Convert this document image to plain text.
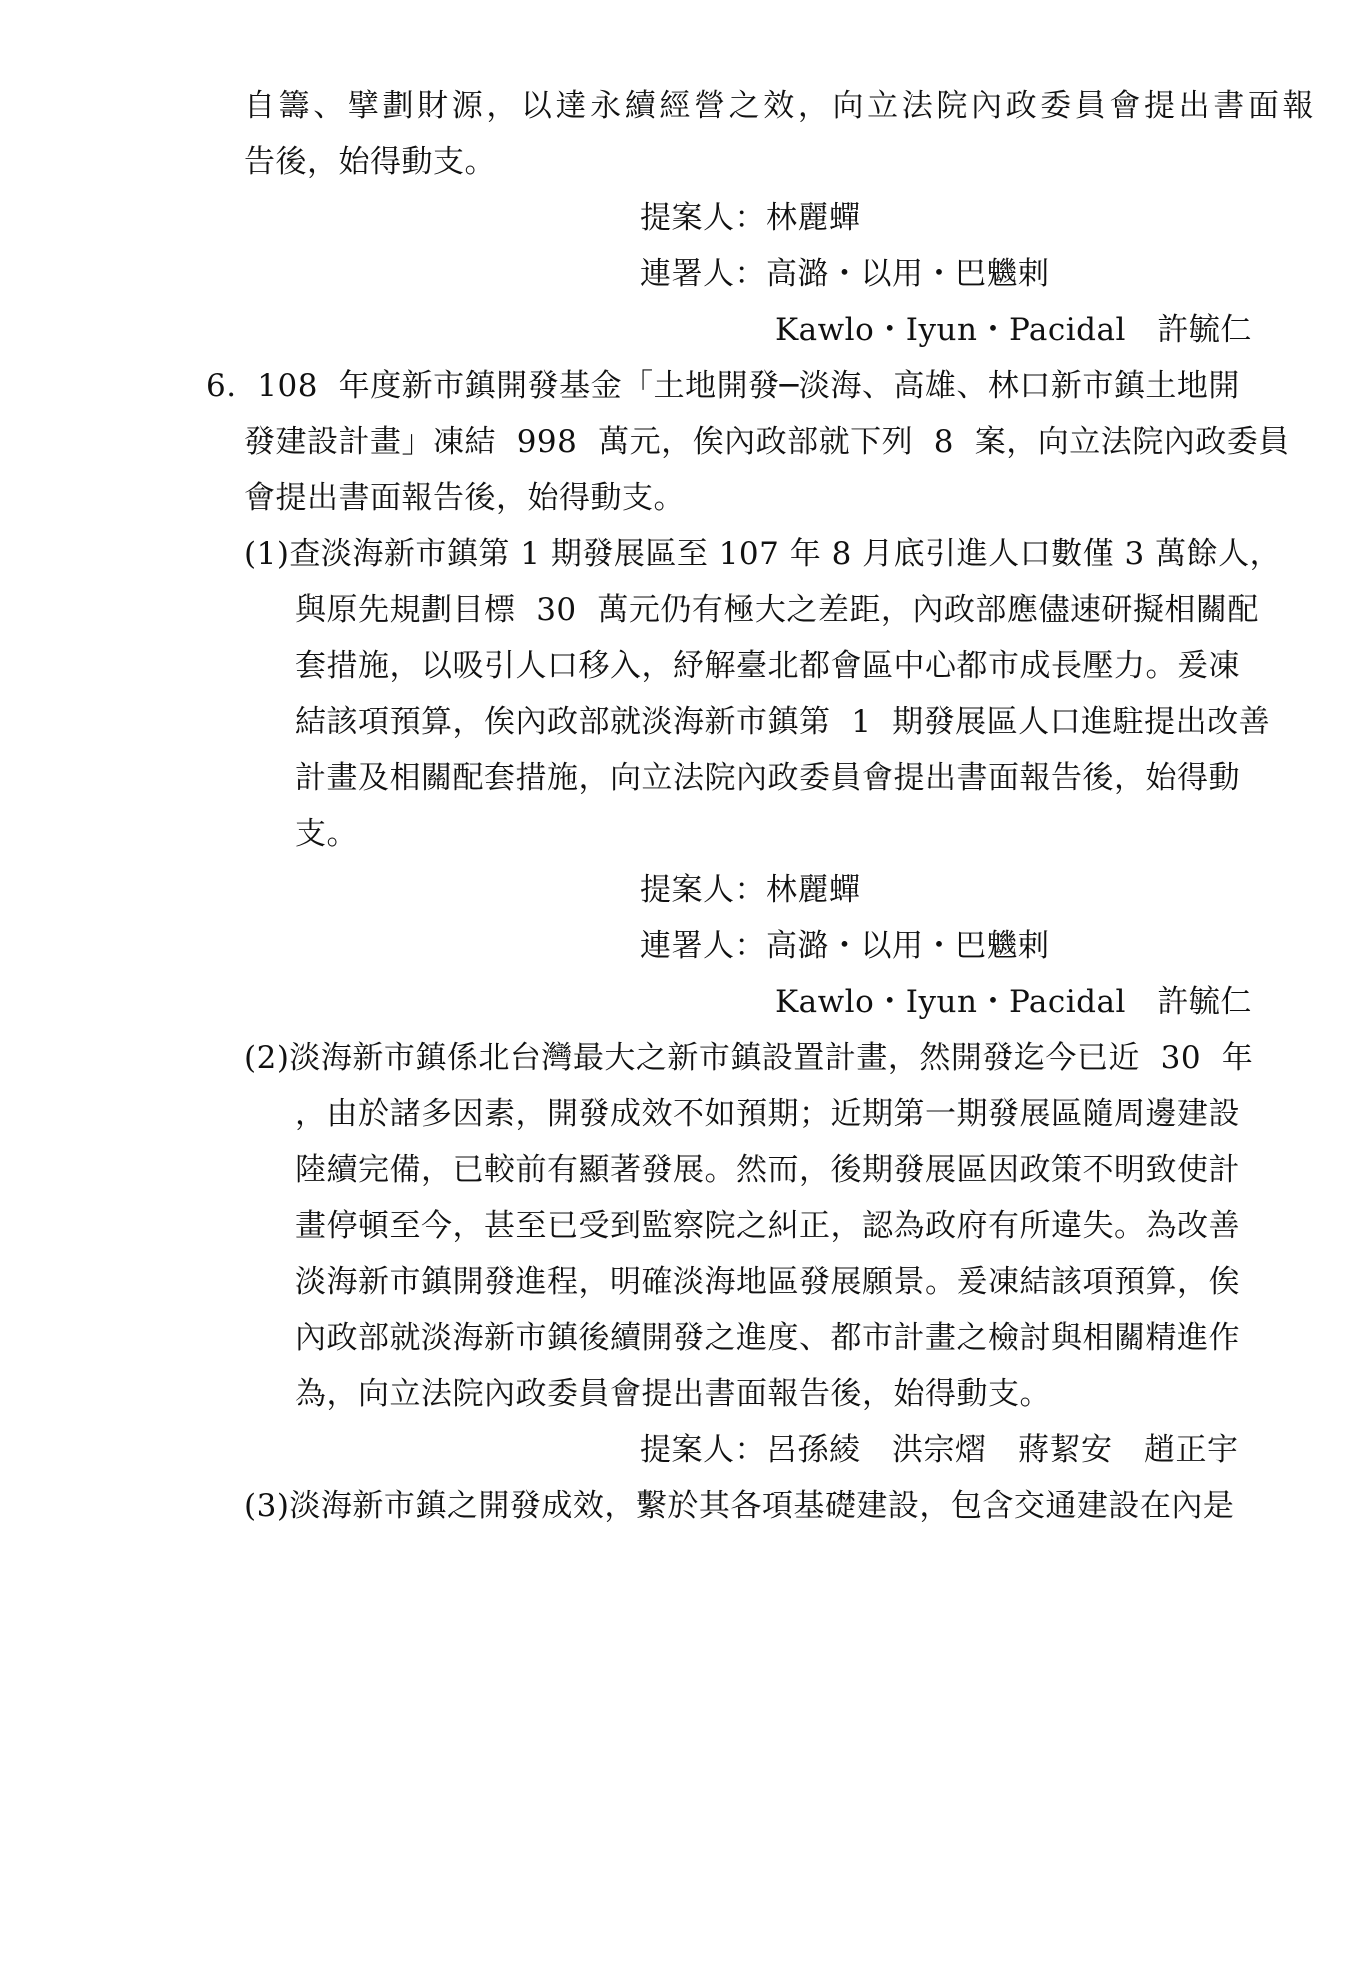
自籌、擘劃財源，以達永續經營之效，向立法院內政委員會提出書面報
告後，始得動支。
提案人：林麗蟬
連署人：高潞・以用・巴魕剌
Kawlo・Iyun・Pacidal　許毓仁
6.  108  年度新市鎮開發基金「土地開發─淡海、高雄、林口新市鎮土地開
發建設計畫」凍結  998  萬元，俟內政部就下列  8  案，向立法院內政委員
會提出書面報告後，始得動支。
(1)查淡海新市鎮第 1 期發展區至 107 年 8 月底引進人口數僅 3 萬餘人，
與原先規劃目標  30  萬元仍有極大之差距，內政部應儘速研擬相關配
套措施，以吸引人口移入，紓解臺北都會區中心都市成長壓力。爰凍
結該項預算，俟內政部就淡海新市鎮第  1  期發展區人口進駐提出改善
計畫及相關配套措施，向立法院內政委員會提出書面報告後，始得動
支。
提案人：林麗蟬
連署人：高潞・以用・巴魕剌
Kawlo・Iyun・Pacidal　許毓仁
(2)淡海新市鎮係北台灣最大之新市鎮設置計畫，然開發迄今已近  30  年
，由於諸多因素，開發成效不如預期；近期第一期發展區隨周邊建設
陸續完備，已較前有顯著發展。然而，後期發展區因政策不明致使計
畫停頓至今，甚至已受到監察院之糾正，認為政府有所違失。為改善
淡海新市鎮開發進程，明確淡海地區發展願景。爰凍結該項預算，俟
內政部就淡海新市鎮後續開發之進度、都市計畫之檢討與相關精進作
為，向立法院內政委員會提出書面報告後，始得動支。
提案人：呂孫綾　洪宗熠　蔣絜安　趙正宇
(3)淡海新市鎮之開發成效，繫於其各項基礎建設，包含交通建設在內是
